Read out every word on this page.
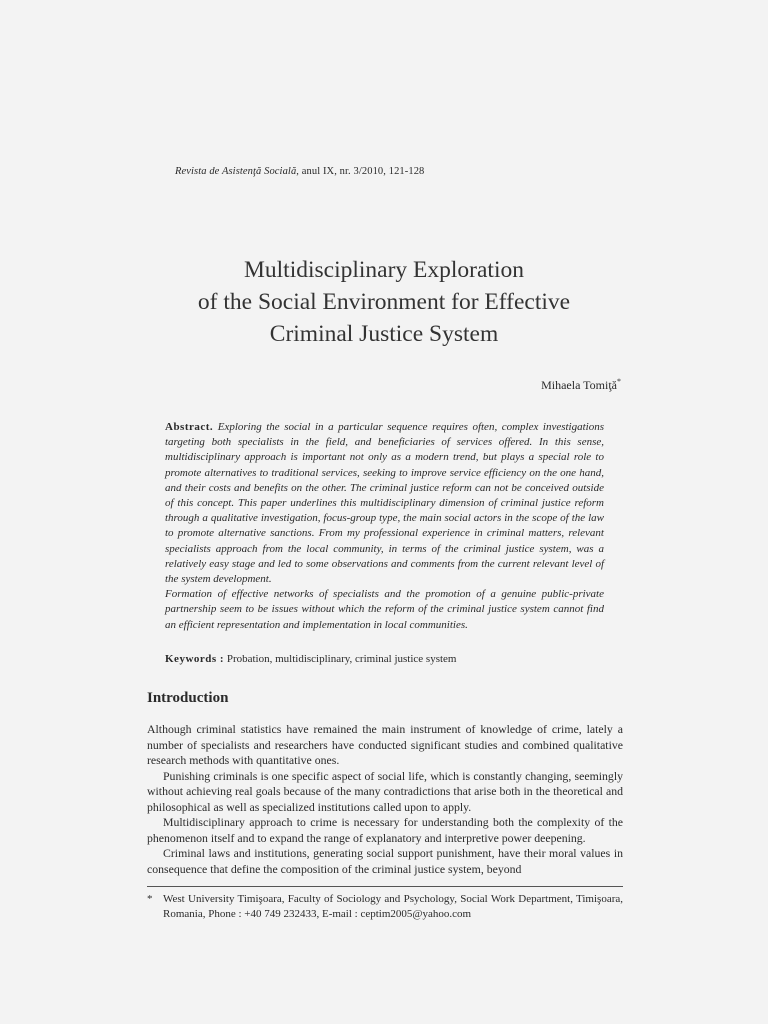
Revista de Asistenţă Socială, anul IX, nr. 3/2010, 121-128
Multidisciplinary Exploration
of the Social Environment for Effective
Criminal Justice System
Mihaela Tomiţă*

Abstract. Exploring the social in a particular sequence requires often, complex investigations targeting both specialists in the field, and beneficiaries of services offered. In this sense, multidisciplinary approach is important not only as a modern trend, but plays a special role to promote alternatives to traditional services, seeking to improve service efficiency on the one hand, and their costs and benefits on the other. The criminal justice reform can not be conceived outside of this concept. This paper underlines this multidisciplinary dimension of criminal justice reform through a qualitative investigation, focus-group type, the main social actors in the scope of the law to promote alternative sanctions. From my professional experience in criminal matters, relevant specialists approach from the local community, in terms of the criminal justice system, was a relatively easy stage and led to some observations and comments from the current relevant level of the system development.

Formation of effective networks of specialists and the promotion of a genuine public-private partnership seem to be issues without which the reform of the criminal justice system cannot find an efficient representation and implementation in local communities.

Keywords : Probation, multidisciplinary, criminal justice system
Introduction

Although criminal statistics have remained the main instrument of knowledge of crime, lately a number of specialists and researchers have conducted significant studies and combined qualitative research methods with quantitative ones.

Punishing criminals is one specific aspect of social life, which is constantly changing, seemingly without achieving real goals because of the many contradictions that arise both in the theoretical and philosophical as well as specialized institutions called upon to apply.

Multidisciplinary approach to crime is necessary for understanding both the complexity of the phenomenon itself and to expand the range of explanatory and interpretive power deepening.

Criminal laws and institutions, generating social support punishment, have their moral values in consequence that define the composition of the criminal justice system, beyond

* West University Timişoara, Faculty of Sociology and Psychology, Social Work Department, Timişoara, Romania, Phone : +40 749 232433, E-mail : ceptim2005@yahoo.com
